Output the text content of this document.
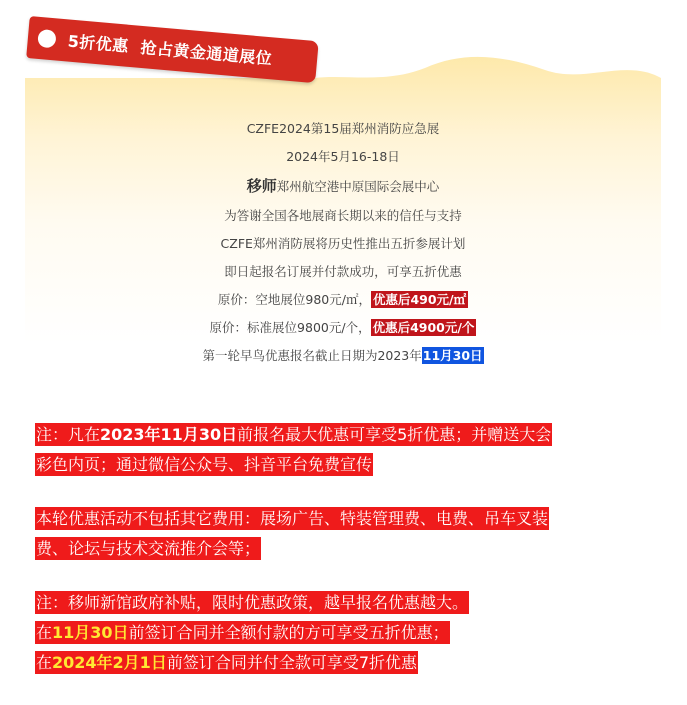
5折优惠 抢占黄金通道展位
CZFE2024第15届郑州消防应急展
2024年5月16-18日
移师郑州航空港中原国际会展中心
为答谢全国各地展商长期以来的信任与支持
CZFE郑州消防展将历史性推出五折参展计划
即日起报名订展并付款成功，可享五折优惠
原价：空地展位980元/㎡， 优惠后490元/㎡
原价：标准展位9800元/个， 优惠后4900元/个
第一轮早鸟优惠报名截止日期为2023年11月30日
注：凡在2023年11月30日前报名最大优惠可享受5折优惠；并赠送大会
彩色内页；通过微信公众号、抖音平台免费宣传
本轮优惠活动不包括其它费用：展场广告、特装管理费、电费、吊车叉装
费、论坛与技术交流推介会等；
注：移师新馆政府补贴，限时优惠政策，越早报名优惠越大。
在11月30日前签订合同并全额付款的方可享受五折优惠；
在2024年2月1日前签订合同并付全款可享受7折优惠
